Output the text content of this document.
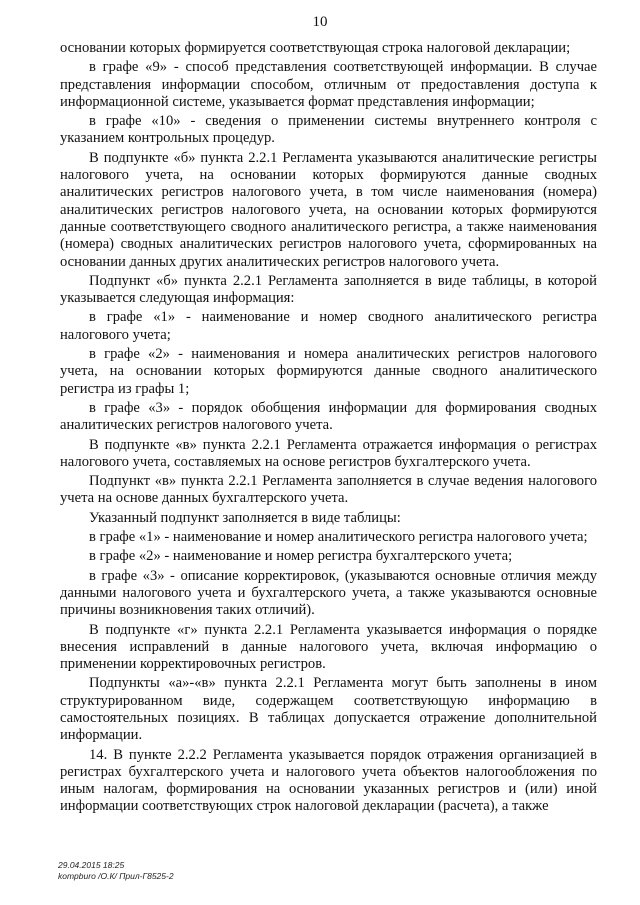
10

основании которых формируется соответствующая строка налоговой декларации;

в графе «9» - способ представления соответствующей информации. В случае представления информации способом, отличным от предоставления доступа к информационной системе, указывается формат представления информации;

в графе «10» - сведения о применении системы внутреннего контроля с указанием контрольных процедур.

В подпункте «б» пункта 2.2.1 Регламента указываются аналитические регистры налогового учета, на основании которых формируются данные сводных аналитических регистров налогового учета, в том числе наименования (номера) аналитических регистров налогового учета, на основании которых формируются данные соответствующего сводного аналитического регистра, а также наименования (номера) сводных аналитических регистров налогового учета, сформированных на основании данных других аналитических регистров налогового учета.

Подпункт «б» пункта 2.2.1 Регламента заполняется в виде таблицы, в которой указывается следующая информация:

в графе «1» - наименование и номер сводного аналитического регистра налогового учета;

в графе «2» - наименования и номера аналитических регистров налогового учета, на основании которых формируются данные сводного аналитического регистра из графы 1;

в графе «3» - порядок обобщения информации для формирования сводных аналитических регистров налогового учета.

В подпункте «в» пункта 2.2.1 Регламента отражается информация о регистрах налогового учета, составляемых на основе регистров бухгалтерского учета.

Подпункт «в» пункта 2.2.1 Регламента заполняется в случае ведения налогового учета на основе данных бухгалтерского учета.

Указанный подпункт заполняется в виде таблицы:

в графе «1» - наименование и номер аналитического регистра налогового учета;

в графе «2» - наименование и номер регистра бухгалтерского учета;

в графе «3» - описание корректировок, (указываются основные отличия между данными налогового учета и бухгалтерского учета, а также указываются основные причины возникновения таких отличий).

В подпункте «г» пункта 2.2.1 Регламента указывается информация о порядке внесения исправлений в данные налогового учета, включая информацию о применении корректировочных регистров.

Подпункты «а»-«в» пункта 2.2.1 Регламента могут быть заполнены в ином структурированном виде, содержащем соответствующую информацию в самостоятельных позициях. В таблицах допускается отражение дополнительной информации.

14. В пункте 2.2.2 Регламента указывается порядок отражения организацией в регистрах бухгалтерского учета и налогового учета объектов налогообложения по иным налогам, формирования на основании указанных регистров и (или) иной информации соответствующих строк налоговой декларации (расчета), а также

29.04.2015 18:25
kompburo /О.К/ Прил-Г8525-2
